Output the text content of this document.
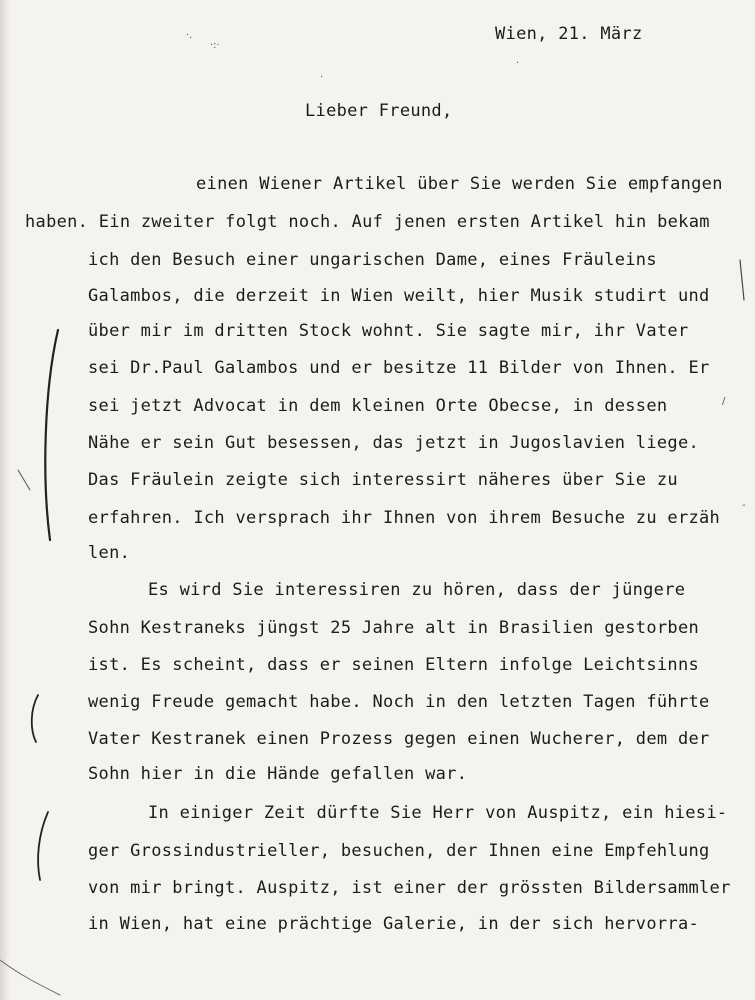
Wien, 21. März
Lieber Freund,
einen Wiener Artikel über Sie werden Sie empfangen
haben. Ein zweiter folgt noch. Auf jenen ersten Artikel hin bekam
ich den Besuch einer ungarischen Dame, eines Fräuleins
Galambos, die derzeit in Wien weilt, hier Musik studirt und
über mir im dritten Stock wohnt. Sie sagte mir, ihr Vater
sei Dr.Paul Galambos und er besitze 11 Bilder von Ihnen. Er
sei jetzt Advocat in dem kleinen Orte Obecse, in dessen
Nähe er sein Gut besessen, das jetzt in Jugoslavien liege.
Das Fräulein zeigte sich interessirt näheres über Sie zu
erfahren. Ich versprach ihr Ihnen von ihrem Besuche zu erzäh
len.
Es wird Sie interessiren zu hören, dass der jüngere
Sohn Kestraneks jüngst 25 Jahre alt in Brasilien gestorben
ist. Es scheint, dass er seinen Eltern infolge Leichtsinns
wenig Freude gemacht habe. Noch in den letzten Tagen führte
Vater Kestranek einen Prozess gegen einen Wucherer, dem der
Sohn hier in die Hände gefallen war.
In einiger Zeit dürfte Sie Herr von Auspitz, ein hiesi-
ger Grossindustrieller, besuchen, der Ihnen eine Empfehlung
von mir bringt. Auspitz, ist einer der grössten Bildersammler
in Wien, hat eine prächtige Galerie, in der sich hervorra-
·.
·:·
·
·
/
-
